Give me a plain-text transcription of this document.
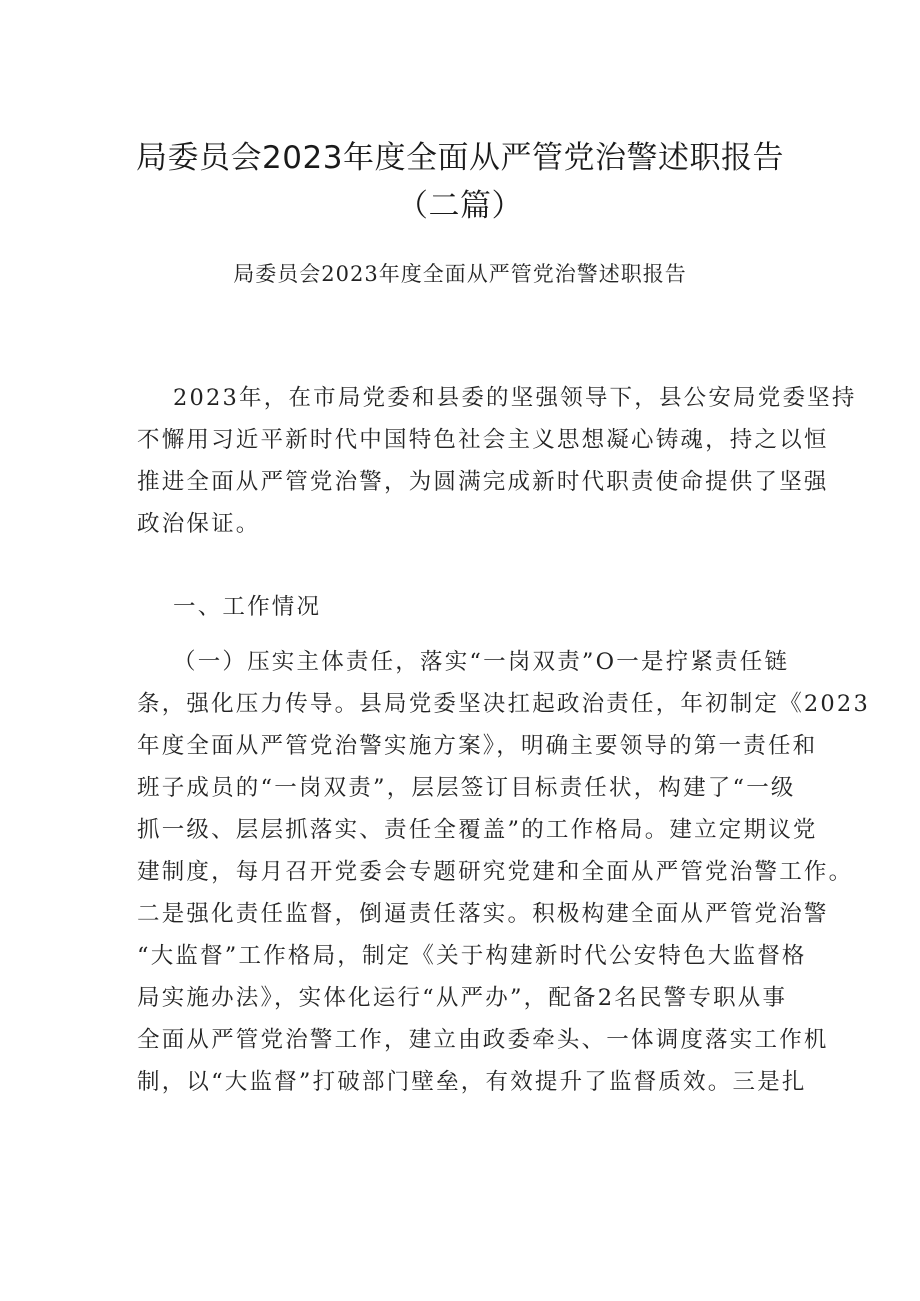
局委员会2023年度全面从严管党治警述职报告
（二篇）
局委员会2023年度全面从严管党治警述职报告

2023年，在市局党委和县委的坚强领导下，县公安局党委坚持
不懈用习近平新时代中国特色社会主义思想凝心铸魂，持之以恒
推进全面从严管党治警，为圆满完成新时代职责使命提供了坚强
政治保证。

一、工作情况

（一）压实主体责任，落实“一岗双责”O一是拧紧责任链
条，强化压力传导。县局党委坚决扛起政治责任，年初制定《2023
年度全面从严管党治警实施方案》，明确主要领导的第一责任和
班子成员的“一岗双责”，层层签订目标责任状，构建了“一级
抓一级、层层抓落实、责任全覆盖”的工作格局。建立定期议党
建制度，每月召开党委会专题研究党建和全面从严管党治警工作。
二是强化责任监督，倒逼责任落实。积极构建全面从严管党治警
“大监督”工作格局，制定《关于构建新时代公安特色大监督格
局实施办法》，实体化运行“从严办”，配备2名民警专职从事
全面从严管党治警工作，建立由政委牵头、一体调度落实工作机
制，以“大监督”打破部门壁垒，有效提升了监督质效。三是扎
